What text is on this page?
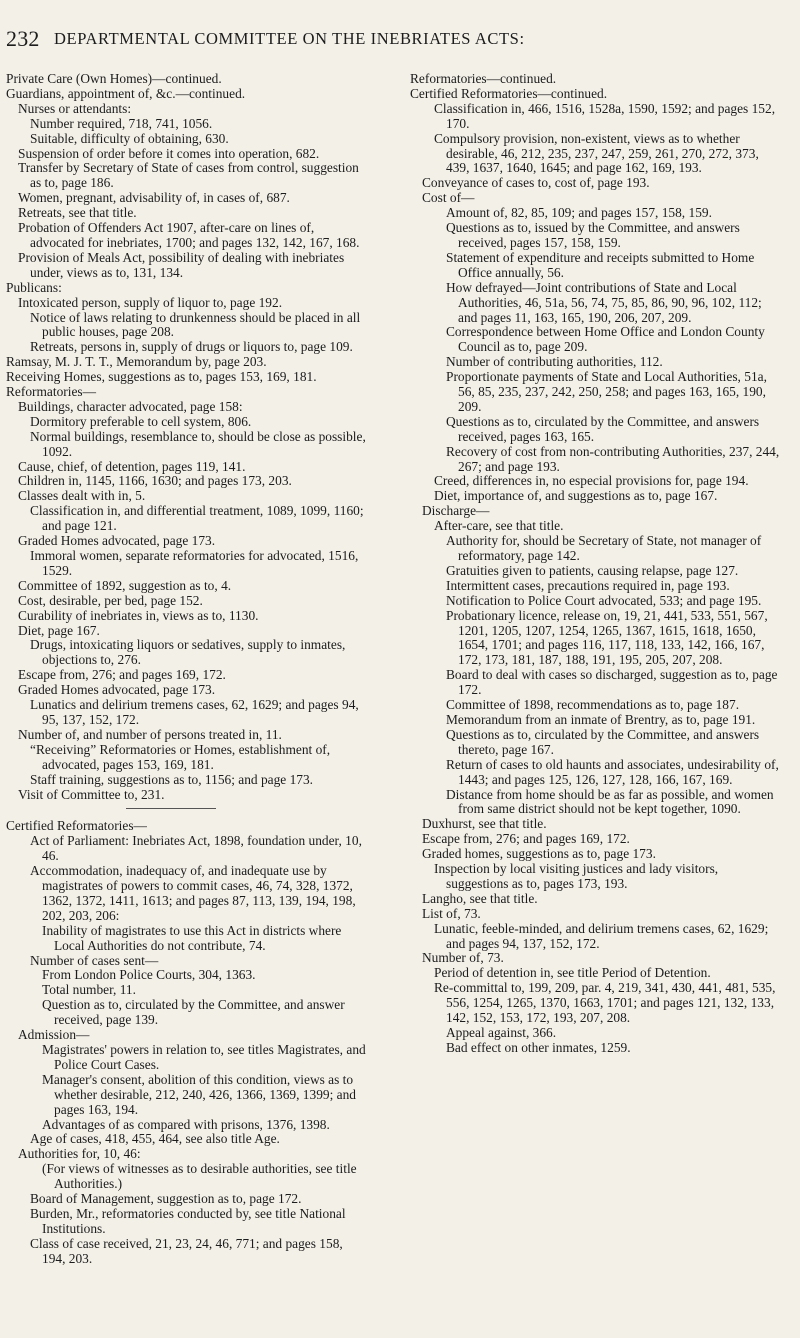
232 DEPARTMENTAL COMMITTEE ON THE INEBRIATES ACTS:
Private Care (Own Homes)—continued.
Guardians, appointment of, &c.—continued.
Nurses or attendants:
Number required, 718, 741, 1056.
Suitable, difficulty of obtaining, 630.
Suspension of order before it comes into operation, 682.
Transfer by Secretary of State of cases from control, suggestion as to, page 186.
Women, pregnant, advisability of, in cases of, 687.
Retreats, see that title.
Probation of Offenders Act 1907, after-care on lines of, advocated for inebriates, 1700; and pages 132, 142, 167, 168.
Provision of Meals Act, possibility of dealing with inebriates under, views as to, 131, 134.
Publicans:
Intoxicated person, supply of liquor to, page 192.
Notice of laws relating to drunkenness should be placed in all public houses, page 208.
Retreats, persons in, supply of drugs or liquors to, page 109.
Ramsay, M. J. T. T., Memorandum by, page 203.
Receiving Homes, suggestions as to, pages 153, 169, 181.
Reformatories—
Buildings, character advocated, page 158:
Dormitory preferable to cell system, 806.
Normal buildings, resemblance to, should be close as possible, 1092.
Cause, chief, of detention, pages 119, 141.
Children in, 1145, 1166, 1630; and pages 173, 203.
Classes dealt with in, 5.
Classification in, and differential treatment, 1089, 1099, 1160; and page 121.
Graded Homes advocated, page 173.
Immoral women, separate reformatories for advocated, 1516, 1529.
Committee of 1892, suggestion as to, 4.
Cost, desirable, per bed, page 152.
Curability of inebriates in, views as to, 1130.
Diet, page 167.
Drugs, intoxicating liquors or sedatives, supply to inmates, objections to, 276.
Escape from, 276; and pages 169, 172.
Graded Homes advocated, page 173.
Lunatics and delirium tremens cases, 62, 1629; and pages 94, 95, 137, 152, 172.
Number of, and number of persons treated in, 11.
“Receiving” Reformatories or Homes, establishment of, advocated, pages 153, 169, 181.
Staff training, suggestions as to, 1156; and page 173.
Visit of Committee to, 231.
Certified Reformatories—
Act of Parliament: Inebriates Act, 1898, foundation under, 10, 46.
Accommodation, inadequacy of, and inadequate use by magistrates of powers to commit cases, 46, 74, 328, 1372, 1362, 1372, 1411, 1613; and pages 87, 113, 139, 194, 198, 202, 203, 206:
Inability of magistrates to use this Act in districts where Local Authorities do not contribute, 74.
Number of cases sent—
From London Police Courts, 304, 1363.
Total number, 11.
Question as to, circulated by the Committee, and answer received, page 139.
Admission—
Magistrates' powers in relation to, see titles Magistrates, and Police Court Cases.
Manager's consent, abolition of this condition, views as to whether desirable, 212, 240, 426, 1366, 1369, 1399; and pages 163, 194.
Advantages of as compared with prisons, 1376, 1398.
Age of cases, 418, 455, 464, see also title Age.
Authorities for, 10, 46:
(For views of witnesses as to desirable authorities, see title Authorities.)
Board of Management, suggestion as to, page 172.
Burden, Mr., reformatories conducted by, see title National Institutions.
Class of case received, 21, 23, 24, 46, 771; and pages 158, 194, 203.
Reformatories—continued.
Certified Reformatories—continued.
Classification in, 466, 1516, 1528a, 1590, 1592; and pages 152, 170.
Compulsory provision, non-existent, views as to whether desirable, 46, 212, 235, 237, 247, 259, 261, 270, 272, 373, 439, 1637, 1640, 1645; and page 162, 169, 193.
Conveyance of cases to, cost of, page 193.
Cost of—
Amount of, 82, 85, 109; and pages 157, 158, 159.
Questions as to, issued by the Committee, and answers received, pages 157, 158, 159.
Statement of expenditure and receipts submitted to Home Office annually, 56.
How defrayed—Joint contributions of State and Local Authorities, 46, 51a, 56, 74, 75, 85, 86, 90, 96, 102, 112; and pages 11, 163, 165, 190, 206, 207, 209.
Correspondence between Home Office and London County Council as to, page 209.
Number of contributing authorities, 112.
Proportionate payments of State and Local Authorities, 51a, 56, 85, 235, 237, 242, 250, 258; and pages 163, 165, 190, 209.
Questions as to, circulated by the Committee, and answers received, pages 163, 165.
Recovery of cost from non-contributing Authorities, 237, 244, 267; and page 193.
Creed, differences in, no especial provisions for, page 194.
Diet, importance of, and suggestions as to, page 167.
Discharge—
After-care, see that title.
Authority for, should be Secretary of State, not manager of reformatory, page 142.
Gratuities given to patients, causing relapse, page 127.
Intermittent cases, precautions required in, page 193.
Notification to Police Court advocated, 533; and page 195.
Probationary licence, release on, 19, 21, 441, 533, 551, 567, 1201, 1205, 1207, 1254, 1265, 1367, 1615, 1618, 1650, 1654, 1701; and pages 116, 117, 118, 133, 142, 166, 167, 172, 173, 181, 187, 188, 191, 195, 205, 207, 208.
Board to deal with cases so discharged, suggestion as to, page 172.
Committee of 1898, recommendations as to, page 187.
Memorandum from an inmate of Brentry, as to, page 191.
Questions as to, circulated by the Committee, and answers thereto, page 167.
Return of cases to old haunts and associates, undesirability of, 1443; and pages 125, 126, 127, 128, 166, 167, 169.
Distance from home should be as far as possible, and women from same district should not be kept together, 1090.
Duxhurst, see that title.
Escape from, 276; and pages 169, 172.
Graded homes, suggestions as to, page 173.
Inspection by local visiting justices and lady visitors, suggestions as to, pages 173, 193.
Langho, see that title.
List of, 73.
Lunatic, feeble-minded, and delirium tremens cases, 62, 1629; and pages 94, 137, 152, 172.
Number of, 73.
Period of detention in, see title Period of Detention.
Re-committal to, 199, 209, par. 4, 219, 341, 430, 441, 481, 535, 556, 1254, 1265, 1370, 1663, 1701; and pages 121, 132, 133, 142, 152, 153, 172, 193, 207, 208.
Appeal against, 366.
Bad effect on other inmates, 1259.
